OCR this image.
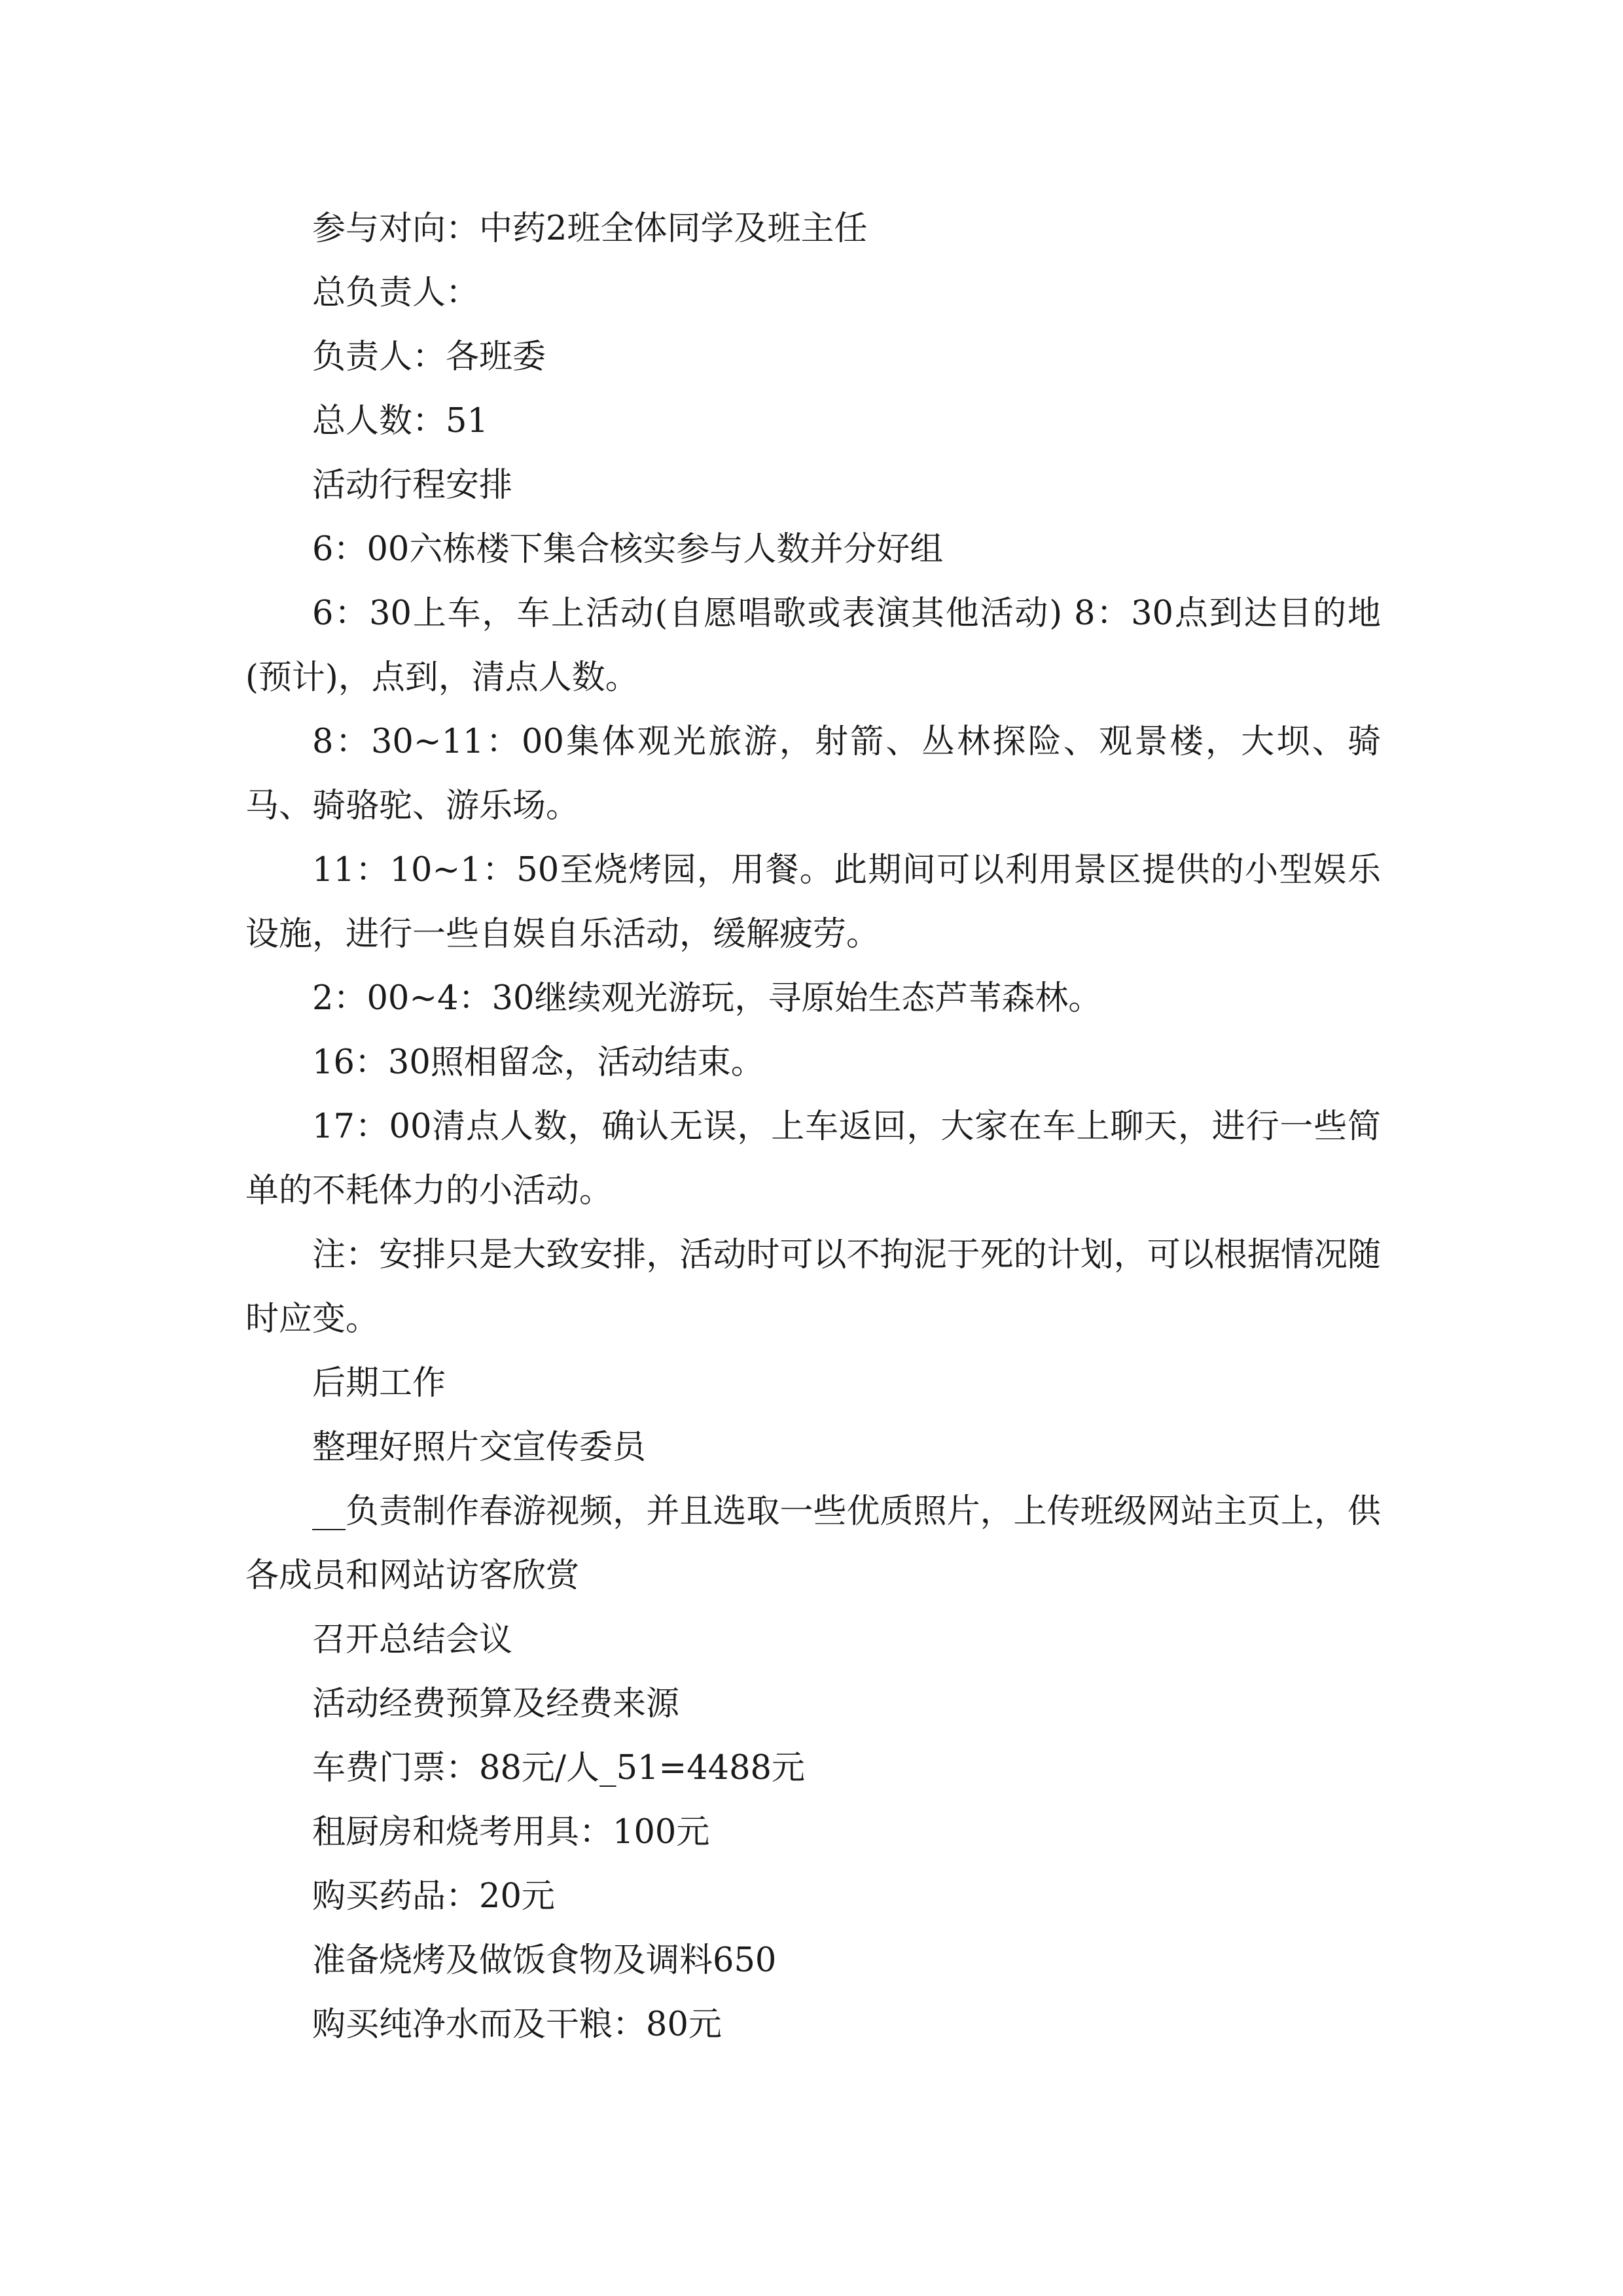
参与对向：中药2班全体同学及班主任

总负责人：

负责人：各班委

总人数：51

活动行程安排

6：00六栋楼下集合核实参与人数并分好组

6：30上车，车上活动(自愿唱歌或表演其他活动) 8：30点到达目的地(预计)，点到，清点人数。

8：30~11：00集体观光旅游，射箭、丛林探险、观景楼，大坝、骑马、骑骆驼、游乐场。

11：10~1：50至烧烤园，用餐。此期间可以利用景区提供的小型娱乐设施，进行一些自娱自乐活动，缓解疲劳。

2：00~4：30继续观光游玩，寻原始生态芦苇森林。

16：30照相留念，活动结束。

17：00清点人数，确认无误，上车返回，大家在车上聊天，进行一些简单的不耗体力的小活动。

注：安排只是大致安排，活动时可以不拘泥于死的计划，可以根据情况随时应变。

后期工作

整理好照片交宣传委员

__负责制作春游视频，并且选取一些优质照片，上传班级网站主页上，供各成员和网站访客欣赏

召开总结会议

活动经费预算及经费来源

车费门票：88元/人_51=4488元

租厨房和烧考用具：100元

购买药品：20元

准备烧烤及做饭食物及调料650

购买纯净水而及干粮：80元
